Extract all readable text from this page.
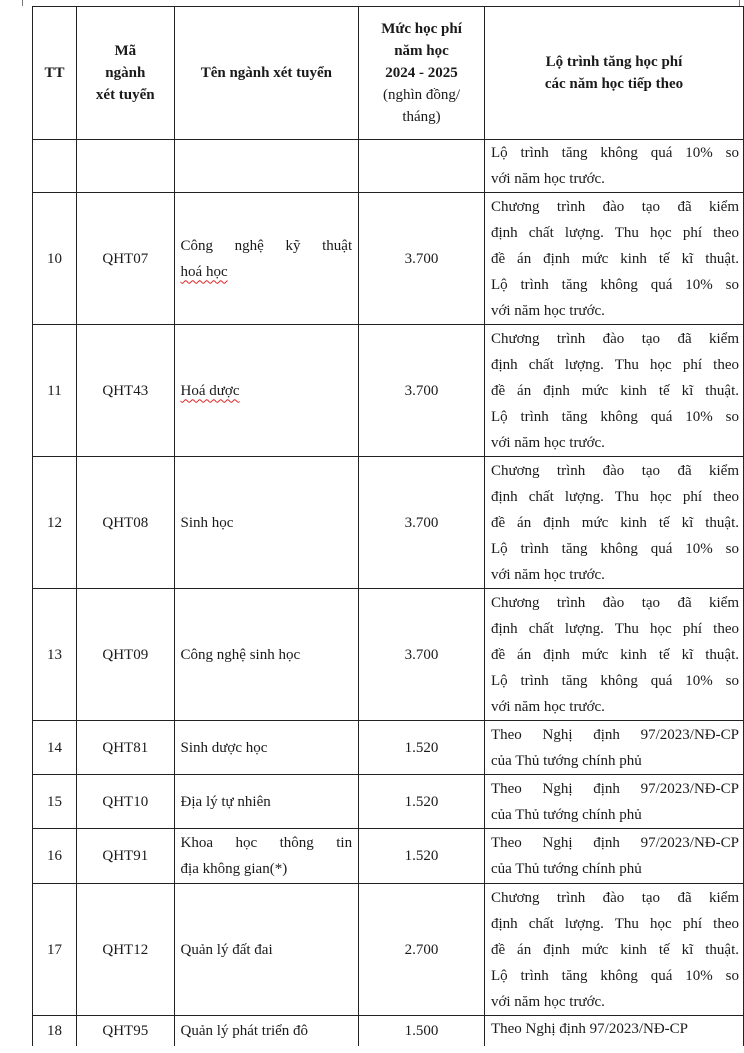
TT	Mã
ngành
xét tuyển	Tên ngành xét tuyển	Mức học phí
năm học
2024 - 2025
(nghìn đồng/
tháng)	Lộ trình tăng học phí
các năm học tiếp theo

				Lộ trình tăng không quá 10% so
với năm học trước.

10	QHT07	Công nghệ kỹ thuật
hoá học	3.700	Chương trình đào tạo đã kiểm
định chất lượng. Thu học phí theo
đề án định mức kinh tế kĩ thuật.
Lộ trình tăng không quá 10% so
với năm học trước.

11	QHT43	Hoá dược	3.700	Chương trình đào tạo đã kiểm
định chất lượng. Thu học phí theo
đề án định mức kinh tế kĩ thuật.
Lộ trình tăng không quá 10% so
với năm học trước.

12	QHT08	Sinh học	3.700	Chương trình đào tạo đã kiểm
định chất lượng. Thu học phí theo
đề án định mức kinh tế kĩ thuật.
Lộ trình tăng không quá 10% so
với năm học trước.

13	QHT09	Công nghệ sinh học	3.700	Chương trình đào tạo đã kiểm
định chất lượng. Thu học phí theo
đề án định mức kinh tế kĩ thuật.
Lộ trình tăng không quá 10% so
với năm học trước.

14	QHT81	Sinh dược học	1.520	Theo Nghị định 97/2023/NĐ-CP
của Thủ tướng chính phủ

15	QHT10	Địa lý tự nhiên	1.520	Theo Nghị định 97/2023/NĐ-CP
của Thủ tướng chính phủ

16	QHT91	Khoa học thông tin
địa không gian(*)	1.520	Theo Nghị định 97/2023/NĐ-CP
của Thủ tướng chính phủ

17	QHT12	Quản lý đất đai	2.700	Chương trình đào tạo đã kiểm
định chất lượng. Thu học phí theo
đề án định mức kinh tế kĩ thuật.
Lộ trình tăng không quá 10% so
với năm học trước.

18	QHT95	Quản lý phát triển đô	1.500	Theo Nghị định 97/2023/NĐ-CP
